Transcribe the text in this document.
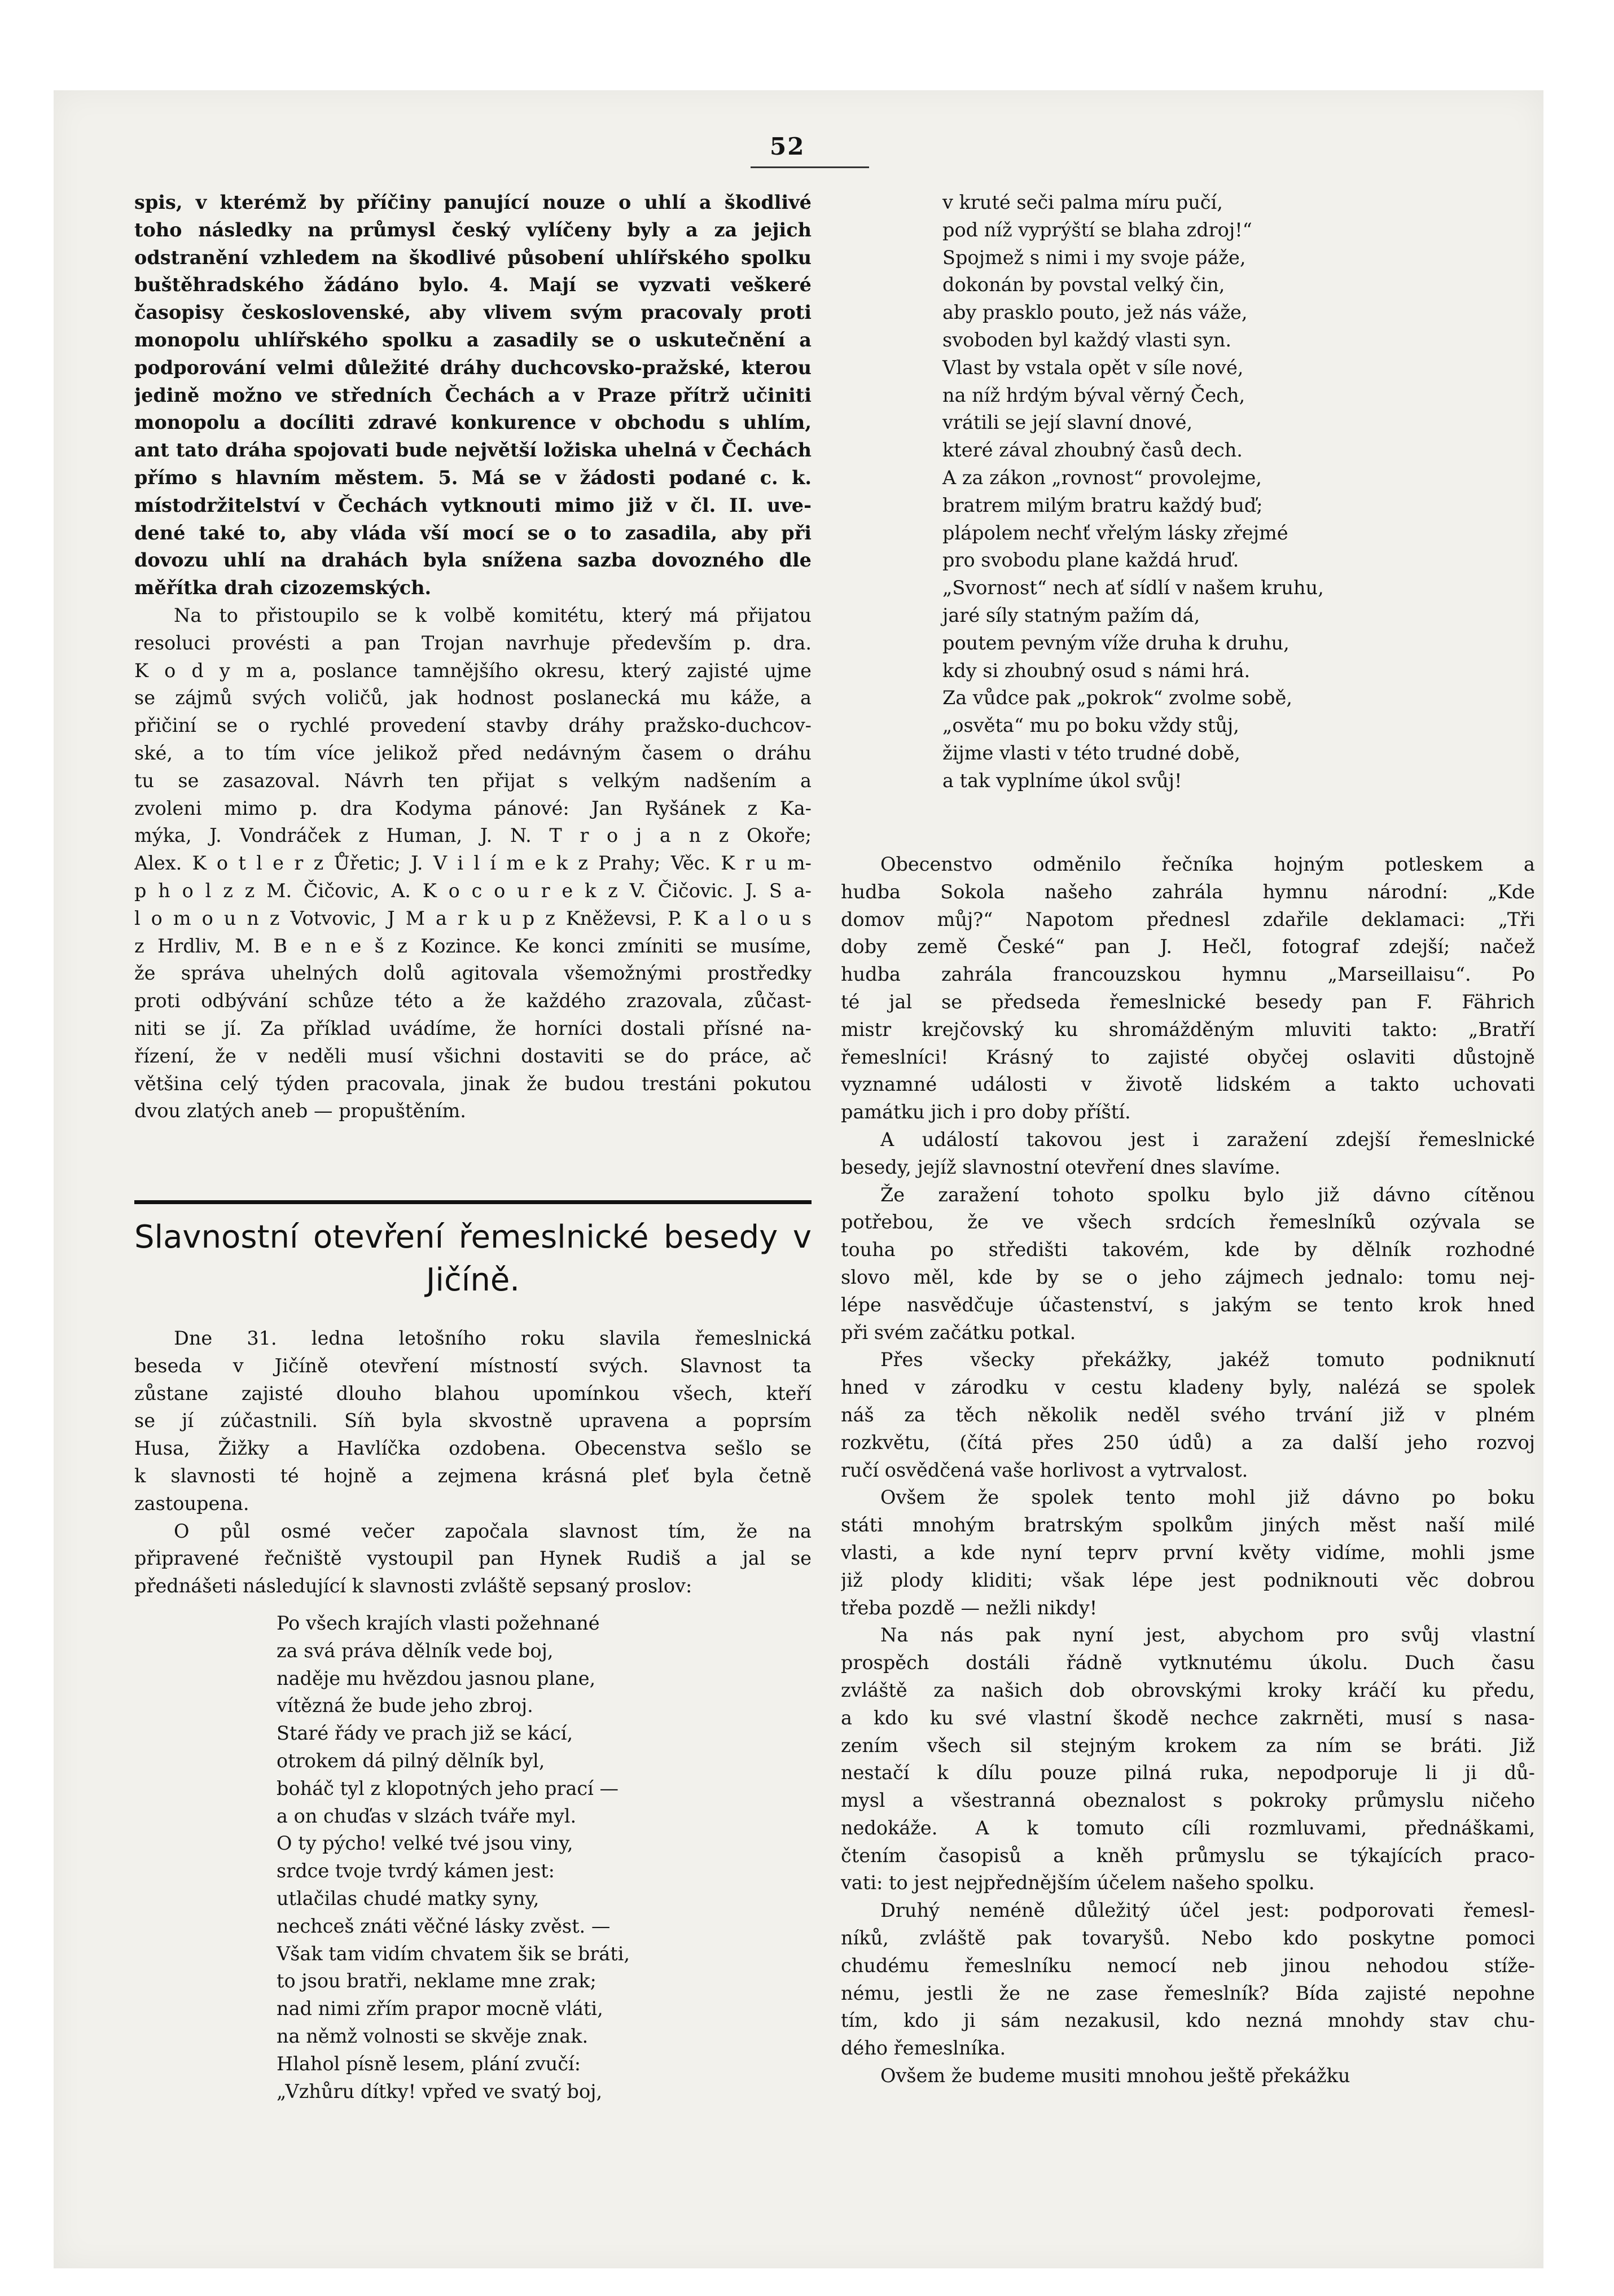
52
spis, v kterémž by příčiny panující nouze o uhlí a škodlivé
toho následky na průmysl český vylíčeny byly a za jejich
odstranění vzhledem na škodlivé působení uhlířského spolku
buštěhradského žádáno bylo. 4. Mají se vyzvati veškeré
časopisy československé, aby vlivem svým pracovaly proti
monopolu uhlířského spolku a zasadily se o uskutečnění a
podporování velmi důležité dráhy duchcovsko-pražské, kterou
jedině možno ve středních Čechách a v Praze přítrž učiniti
monopolu a docíliti zdravé konkurence v obchodu s uhlím,
ant tato dráha spojovati bude největší ložiska uhelná v Čechách
přímo s hlavním městem. 5. Má se v žádosti podané c. k.
místodržitelství v Čechách vytknouti mimo již v čl. II. uve-
dené také to, aby vláda vší mocí se o to zasadila, aby při
dovozu uhlí na drahách byla snížena sazba dovozného dle
měřítka drah cizozemských.
Na to přistoupilo se k volbě komitétu, který má přijatou
resoluci provésti a pan Trojan navrhuje především p. dra.
K o d y m a, poslance tamnějšího okresu, který zajisté ujme
se zájmů svých voličů, jak hodnost poslanecká mu káže, a
přičiní se o rychlé provedení stavby dráhy pražsko-duchcov-
ské, a to tím více jelikož před nedávným časem o dráhu
tu se zasazoval. Návrh ten přijat s velkým nadšením a
zvoleni mimo p. dra Kodyma pánové: Jan Ryšánek z Ka-
mýka, J. Vondráček z Human, J. N. T r o j a n z Okoře;
Alex. K o t l e r z Ůřetic; J. V i l í m e k z Prahy; Věc. K r u m-
p h o l z z M. Čičovic, A. K o c o u r e k z V. Čičovic. J. S a-
l o m o u n z Votvovic, J M a r k u p z Kněževsi, P. K a l o u s
z Hrdliv, M. B e n e š z Kozince. Ke konci zmíniti se musíme,
že správa uhelných dolů agitovala všemožnými prostředky
proti odbývání schůze této a že každého zrazovala, zůčast-
niti se jí. Za příklad uvádíme, že horníci dostali přísné na-
řízení, že v neděli musí všichni dostaviti se do práce, ač
většina celý týden pracovala, jinak že budou trestáni pokutou
dvou zlatých aneb — propuštěním.
Slavnostní otevření řemeslnické besedy v
Jičíně.
Dne 31. ledna letošního roku slavila řemeslnická
beseda v Jičíně otevření místností svých. Slavnost ta
zůstane zajisté dlouho blahou upomínkou všech, kteří
se jí zúčastnili. Síň byla skvostně upravena a poprsím
Husa, Žižky a Havlíčka ozdobena. Obecenstva sešlo se
k slavnosti té hojně a zejmena krásná pleť byla četně
zastoupena.
O půl osmé večer započala slavnost tím, že na
připravené řečniště vystoupil pan Hynek Rudiš a jal se
přednášeti následující k slavnosti zvláště sepsaný proslov:
Po všech krajích vlasti požehnané
za svá práva dělník vede boj,
naděje mu hvězdou jasnou plane,
vítězná že bude jeho zbroj.
Staré řády ve prach již se kácí,
otrokem dá pilný dělník byl,
boháč tyl z klopotných jeho prací —
a on chuďas v slzách tváře myl.
O ty pýcho! velké tvé jsou viny,
srdce tvoje tvrdý kámen jest:
utlačilas chudé matky syny,
nechceš znáti věčné lásky zvěst. —
Však tam vidím chvatem šik se bráti,
to jsou bratři, neklame mne zrak;
nad nimi zřím prapor mocně vláti,
na němž volnosti se skvěje znak.
Hlahol písně lesem, plání zvučí:
„Vzhůru dítky! vpřed ve svatý boj,
v kruté seči palma míru pučí,
pod níž vyprýští se blaha zdroj!“
Spojmež s nimi i my svoje páže,
dokonán by povstal velký čin,
aby prasklo pouto, jež nás váže,
svoboden byl každý vlasti syn.
Vlast by vstala opět v síle nové,
na níž hrdým býval věrný Čech,
vrátili se její slavní dnové,
které zával zhoubný časů dech.
A za zákon „rovnost“ provolejme,
bratrem milým bratru každý buď;
plápolem nechť vřelým lásky zřejmé
pro svobodu plane každá hruď.
„Svornost“ nech ať sídlí v našem kruhu,
jaré síly statným pažím dá,
poutem pevným víže druha k druhu,
kdy si zhoubný osud s námi hrá.
Za vůdce pak „pokrok“ zvolme sobě,
„osvěta“ mu po boku vždy stůj,
žijme vlasti v této trudné době,
a tak vyplníme úkol svůj!
Obecenstvo odměnilo řečníka hojným potleskem a
hudba Sokola našeho zahrála hymnu národní: „Kde
domov můj?“ Napotom přednesl zdařile deklamaci: „Tři
doby země České“ pan J. Hečl, fotograf zdejší; načež
hudba zahrála francouzskou hymnu „Marseillaisu“. Po
té jal se předseda řemeslnické besedy pan F. Fährich
mistr krejčovský ku shromážděným mluviti takto: „Bratří
řemeslníci! Krásný to zajisté obyčej oslaviti důstojně
vyznamné události v životě lidském a takto uchovati
památku jich i pro doby příští.
A událostí takovou jest i zaražení zdejší řemeslnické
besedy, jejíž slavnostní otevření dnes slavíme.
Že zaražení tohoto spolku bylo již dávno cítěnou
potřebou, že ve všech srdcích řemeslníků ozývala se
touha po středišti takovém, kde by dělník rozhodné
slovo měl, kde by se o jeho zájmech jednalo: tomu nej-
lépe nasvědčuje účastenství, s jakým se tento krok hned
při svém začátku potkal.
Přes všecky překážky, jakéž tomuto podniknutí
hned v zárodku v cestu kladeny byly, nalézá se spolek
náš za těch několik neděl svého trvání již v plném
rozkvětu, (čítá přes 250 údů) a za další jeho rozvoj
ručí osvědčená vaše horlivost a vytrvalost.
Ovšem že spolek tento mohl již dávno po boku
státi mnohým bratrským spolkům jiných měst naší milé
vlasti, a kde nyní teprv první květy vidíme, mohli jsme
již plody kliditi; však lépe jest podniknouti věc dobrou
třeba pozdě — nežli nikdy!
Na nás pak nyní jest, abychom pro svůj vlastní
prospěch dostáli řádně vytknutému úkolu. Duch času
zvláště za našich dob obrovskými kroky kráčí ku předu,
a kdo ku své vlastní škodě nechce zakrněti, musí s nasa-
zením všech sil stejným krokem za ním se bráti. Již
nestačí k dílu pouze pilná ruka, nepodporuje li ji dů-
mysl a všestranná obeznalost s pokroky průmyslu ničeho
nedokáže. A k tomuto cíli rozmluvami, přednáškami,
čtením časopisů a kněh průmyslu se týkajících praco-
vati: to jest nejpřednějším účelem našeho spolku.
Druhý neméně důležitý účel jest: podporovati řemesl-
níků, zvláště pak tovaryšů. Nebo kdo poskytne pomoci
chudému řemeslníku nemocí neb jinou nehodou stíže-
nému, jestli že ne zase řemeslník? Bída zajisté nepohne
tím, kdo ji sám nezakusil, kdo nezná mnohdy stav chu-
dého řemeslníka.
Ovšem že budeme musiti mnohou ještě překážku
